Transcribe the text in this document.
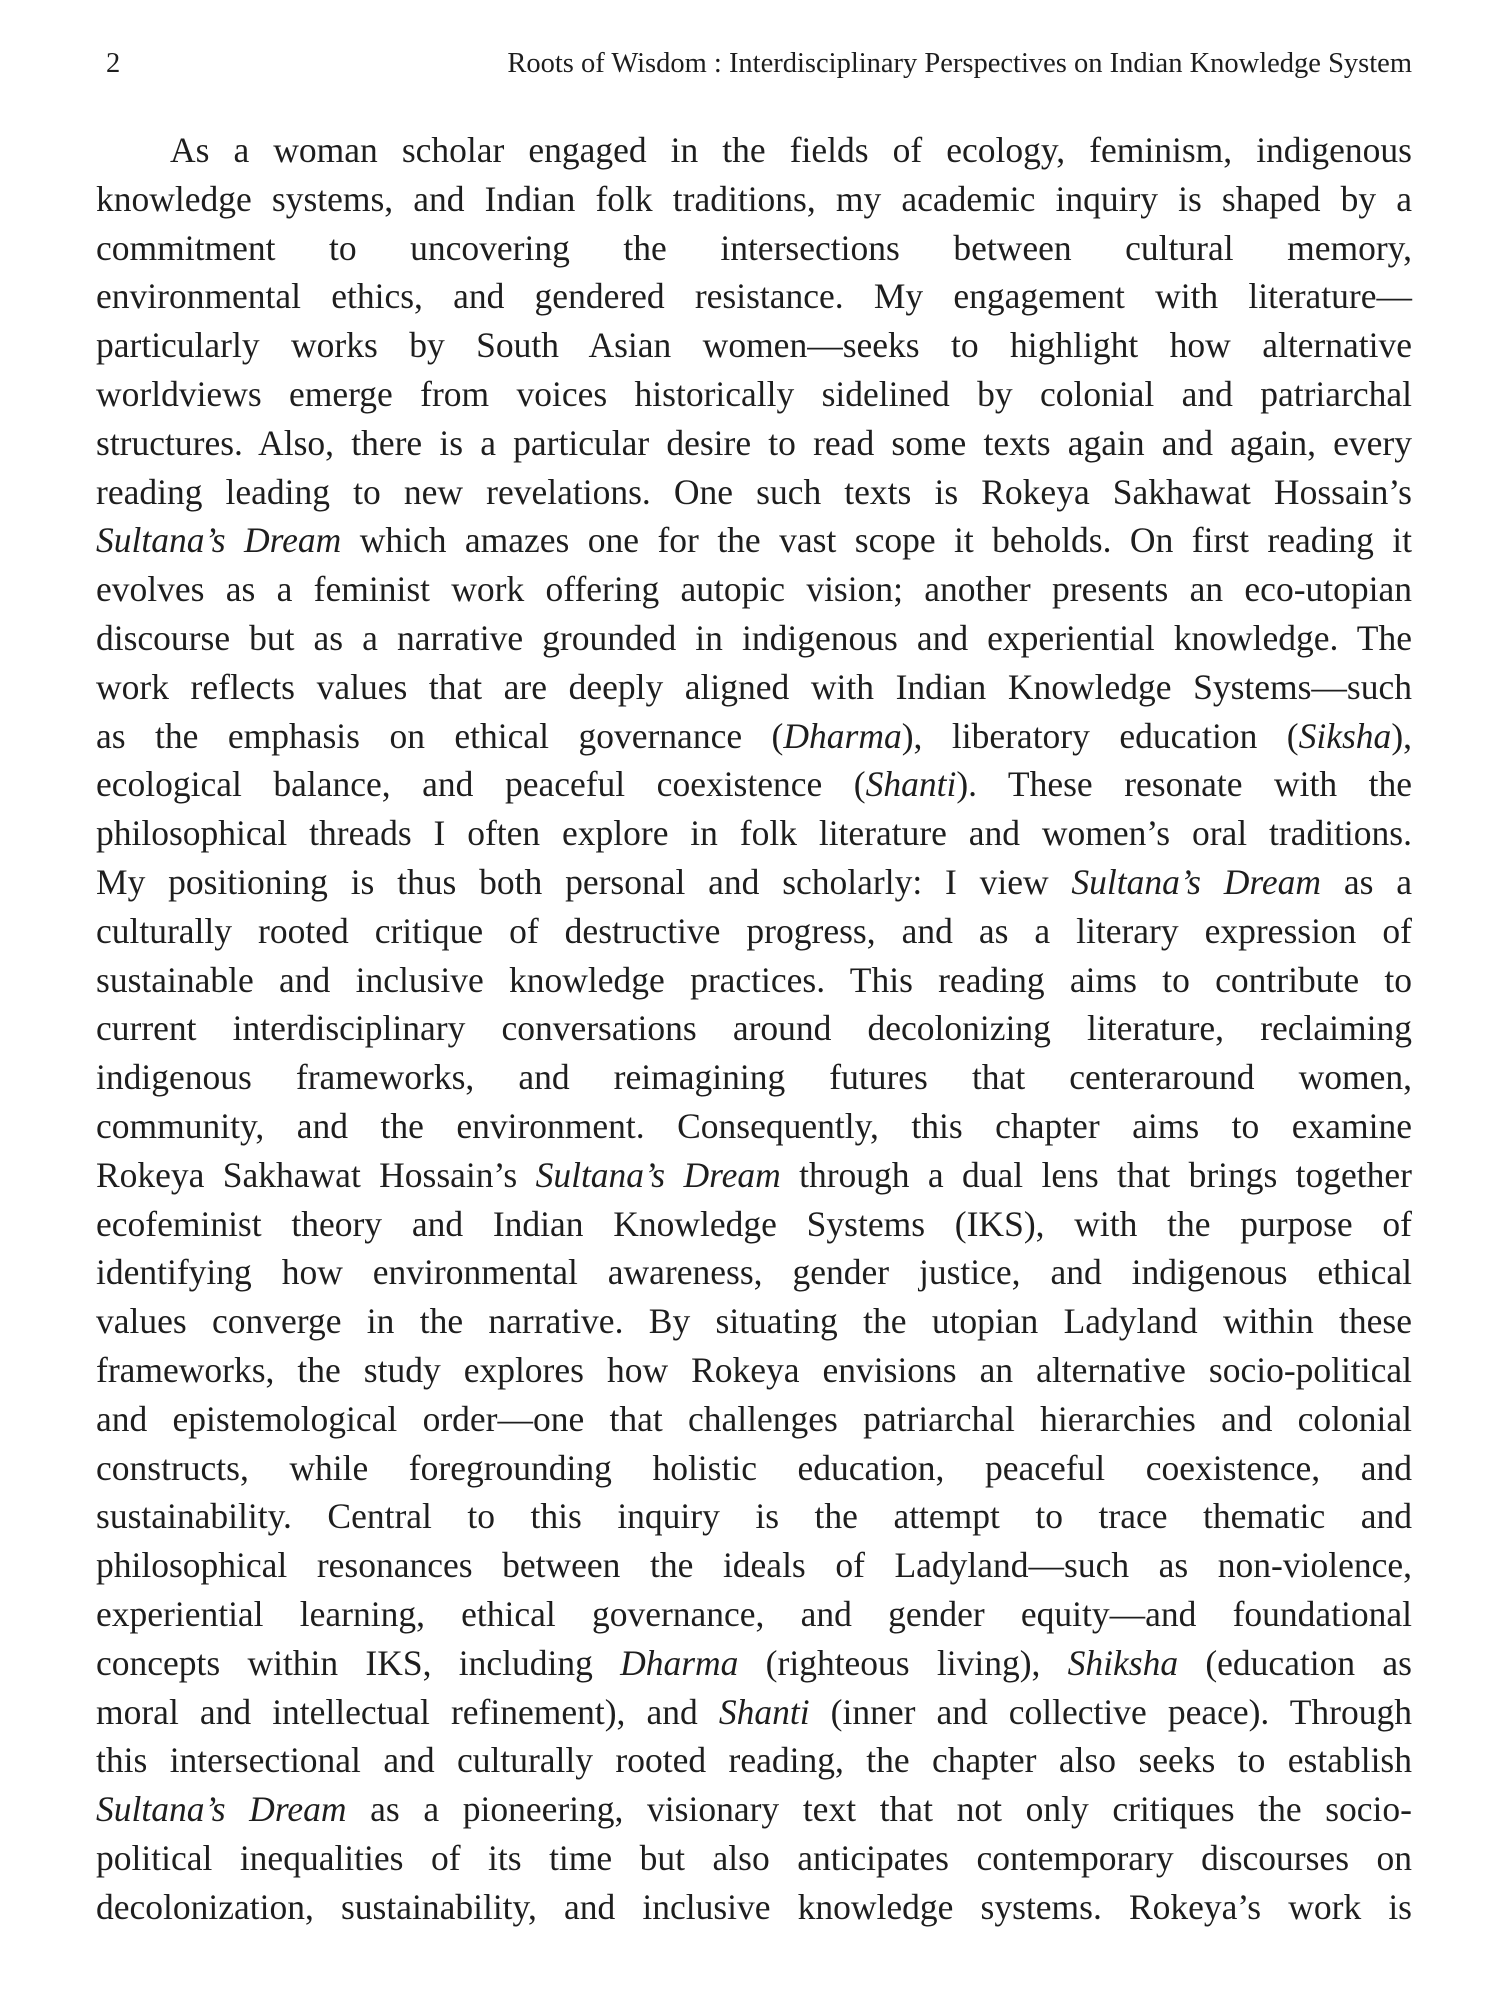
2	Roots of Wisdom : Interdisciplinary Perspectives on Indian Knowledge System
As a woman scholar engaged in the fields of ecology, feminism, indigenous
knowledge systems, and Indian folk traditions, my academic inquiry is shaped by a
commitment to uncovering the intersections between cultural memory,
environmental ethics, and gendered resistance. My engagement with literature—
particularly works by South Asian women—seeks to highlight how alternative
worldviews emerge from voices historically sidelined by colonial and patriarchal
structures. Also, there is a particular desire to read some texts again and again, every
reading leading to new revelations. One such texts is Rokeya Sakhawat Hossain’s
Sultana’s Dream which amazes one for the vast scope it beholds. On first reading it
evolves as a feminist work offering autopic vision; another presents an eco-utopian
discourse but as a narrative grounded in indigenous and experiential knowledge. The
work reflects values that are deeply aligned with Indian Knowledge Systems—such
as the emphasis on ethical governance (Dharma), liberatory education (Siksha),
ecological balance, and peaceful coexistence (Shanti). These resonate with the
philosophical threads I often explore in folk literature and women’s oral traditions.
My positioning is thus both personal and scholarly: I view Sultana’s Dream as a
culturally rooted critique of destructive progress, and as a literary expression of
sustainable and inclusive knowledge practices. This reading aims to contribute to
current interdisciplinary conversations around decolonizing literature, reclaiming
indigenous frameworks, and reimagining futures that centeraround women,
community, and the environment. Consequently, this chapter aims to examine
Rokeya Sakhawat Hossain’s Sultana’s Dream through a dual lens that brings together
ecofeminist theory and Indian Knowledge Systems (IKS), with the purpose of
identifying how environmental awareness, gender justice, and indigenous ethical
values converge in the narrative. By situating the utopian Ladyland within these
frameworks, the study explores how Rokeya envisions an alternative socio-political
and epistemological order—one that challenges patriarchal hierarchies and colonial
constructs, while foregrounding holistic education, peaceful coexistence, and
sustainability. Central to this inquiry is the attempt to trace thematic and
philosophical resonances between the ideals of Ladyland—such as non-violence,
experiential learning, ethical governance, and gender equity—and foundational
concepts within IKS, including Dharma (righteous living), Shiksha (education as
moral and intellectual refinement), and Shanti (inner and collective peace). Through
this intersectional and culturally rooted reading, the chapter also seeks to establish
Sultana’s Dream as a pioneering, visionary text that not only critiques the socio-
political inequalities of its time but also anticipates contemporary discourses on
decolonization, sustainability, and inclusive knowledge systems. Rokeya’s work is
